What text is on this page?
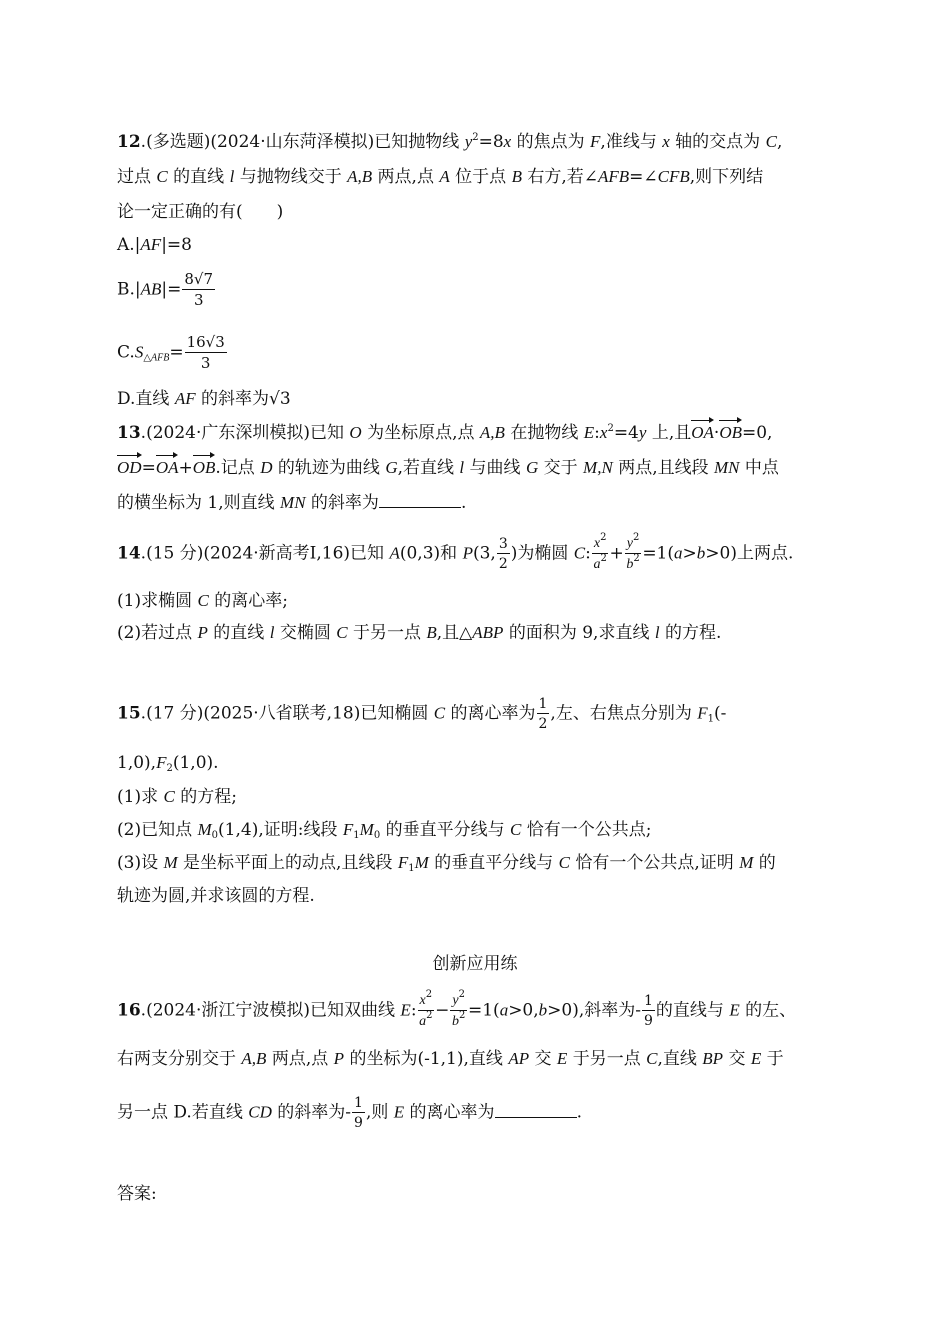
12.(多选题)(2024·山东菏泽模拟)已知抛物线 $y^2=8x$ 的焦点为 F,准线与 x 轴的交点为 C,
过点 C 的直线 l 与抛物线交于 A,B 两点,点 A 位于点 B 右方,若∠AFB=∠CFB,则下列结
论一定正确的有( )
A.|AF|=8
$B.|AB|= \frac{8√7}{3}$
$C.S_{\triangle AFB}= \frac{16√3}{3}$
D.直线 AF 的斜率为√3
13.(2024·广东深圳模拟)已知 O 为坐标原点,点 A,B 在抛物线 $E:x^2=4y$ 上,且OA·OB=0,
OD=OA+OB.记点 D 的轨迹为曲线 G,若直线 l 与曲线 G 交于 M,N 两点,且线段 MN 中点
的横坐标为 1,则直线 MN 的斜率为	.
14.(15 分)(2024·新高考Ⅰ,16)已知 A(0,3)和 P(3, $\frac{3}{2}$ )为椭圆 C: $\frac{x^2}{a^2} + \frac{y^2}{b^2} =1(a>b>0)$上两点.
(1)求椭圆 C 的离心率;
(2)若过点 P 的直线 l 交椭圆 C 于另一点 B,且△ABP 的面积为 9,求直线 l 的方程.
15.(17 分)(2025·八省联考,18)已知椭圆 C 的离心率为 $\frac{1}{2}$ ,左、右焦点分别为 $F_1(-$
$1,0),F_2(1,0)$.
(1)求 C 的方程;
(2)已知点 $M_0(1,4)$,证明:线段 $F_1M_0$ 的垂直平分线与 C 恰有一个公共点;
(3)设 M 是坐标平面上的动点,且线段 $F_1M$ 的垂直平分线与 C 恰有一个公共点,证明 M 的
轨迹为圆,并求该圆的方程.
创新应用练
16.(2024·浙江宁波模拟)已知双曲线 E: $\frac{x^2}{a^2} - \frac{y^2}{b^2} =1(a>0,b>0)$,斜率为- $\frac{1}{9}$ 的直线与 E 的左、
右两支分别交于 A,B 两点,点 P 的坐标为(-1,1),直线 AP 交 E 于另一点 C,直线 BP 交 E 于
另一点 D.若直线 CD 的斜率为- $\frac{1}{9}$ ,则 E 的离心率为	.
答案:
